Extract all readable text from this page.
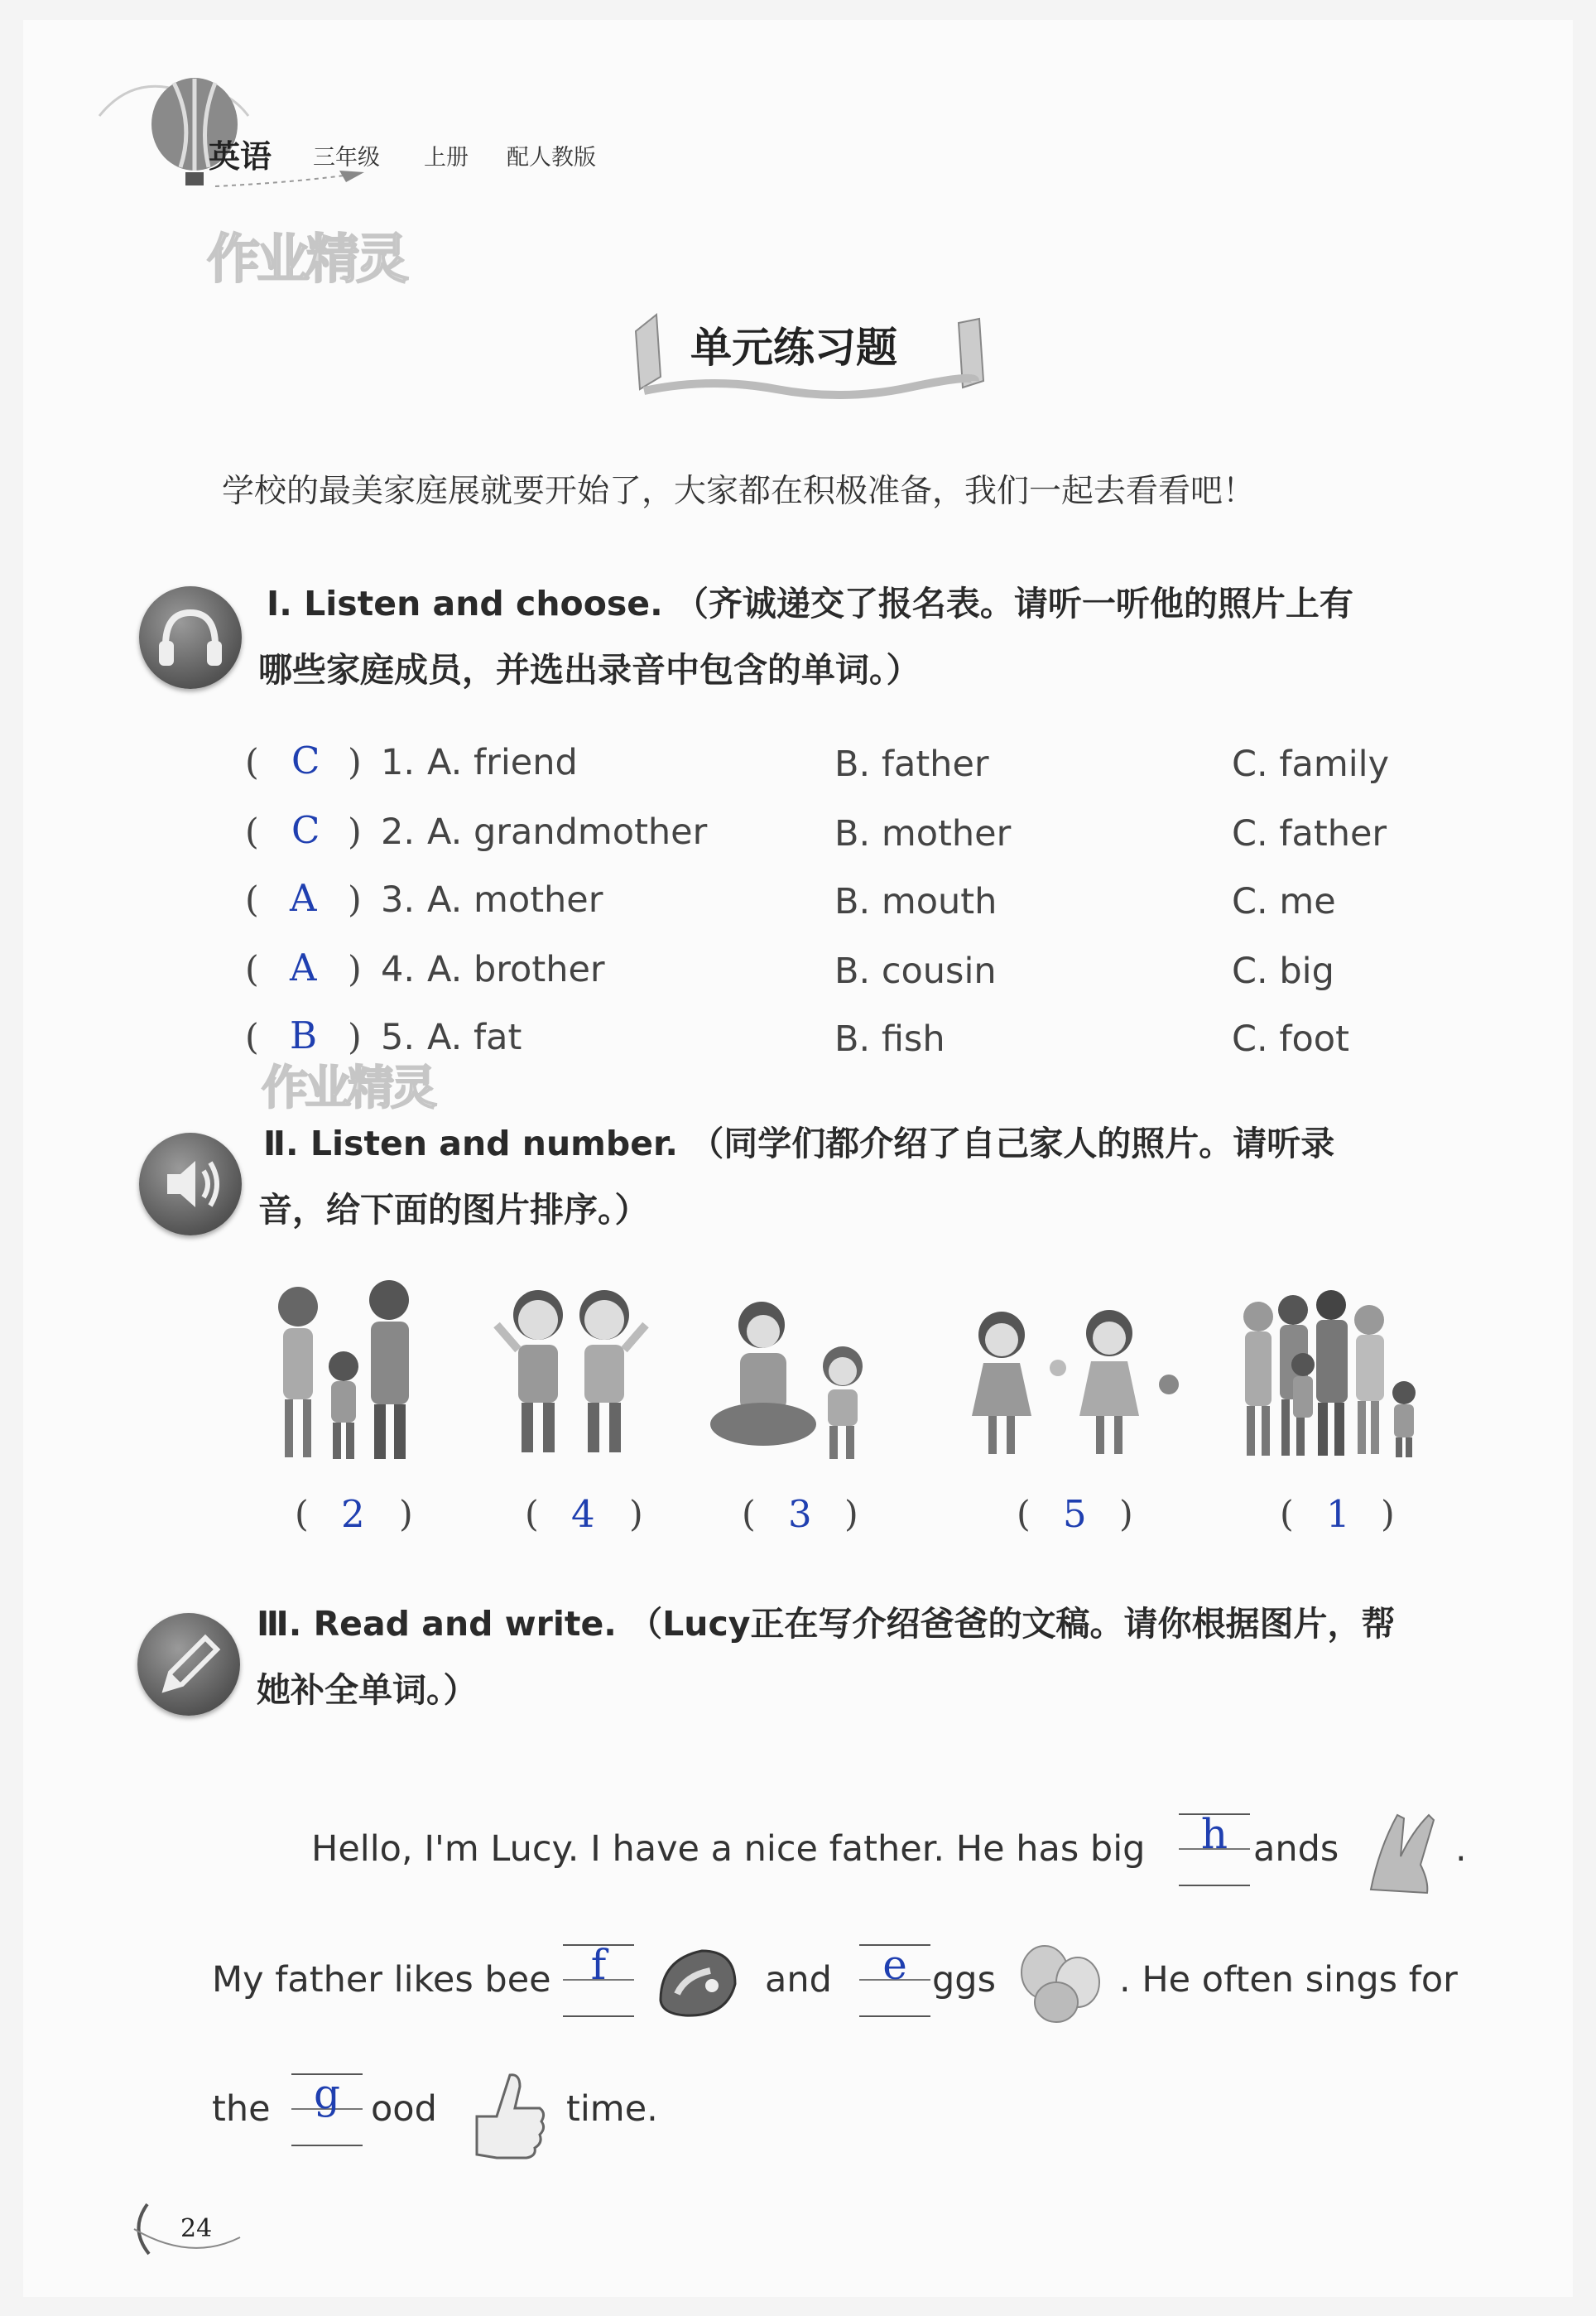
英语 三年级 上册 配人教版
作业精灵
单元练习题
学校的最美家庭展就要开始了，大家都在积极准备，我们一起去看看吧！
Ⅰ. Listen and choose. （齐诚递交了报名表。请听一听他的照片上有
哪些家庭成员，并选出录音中包含的单词。）
( C ) 1. A. friend	B. father	C. family
( C ) 2. A. grandmother	B. mother	C. father
( A ) 3. A. mother	B. mouth	C. me
( A ) 4. A. brother	B. cousin	C. big
( B ) 5. A. fat	B. fish	C. foot
作业精灵
Ⅱ. Listen and number. （同学们都介绍了自己家人的照片。请听录
音，给下面的图片排序。）
( 2 )	( 4 )	( 3 )	( 5 )	( 1 )
Ⅲ. Read and write. （Lucy正在写介绍爸爸的文稿。请你根据图片，帮
她补全单词。）
Hello, I'm Lucy. I have a nice father. He has big	h ands	.
My father likes bee f	and	e ggs	. He often sings for
the	g ood	time.
24
